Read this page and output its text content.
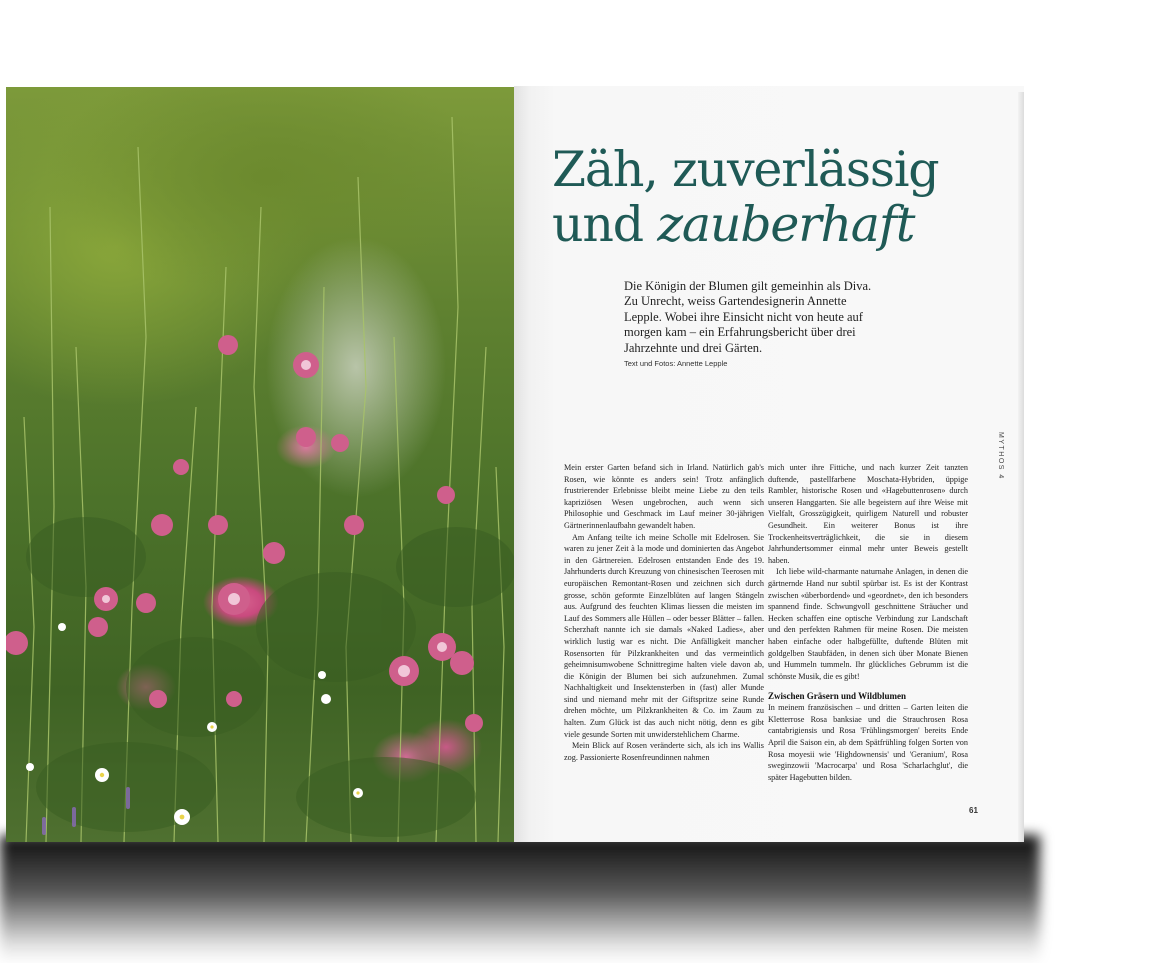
Zäh, zuverlässig
und zauberhaft

Die Königin der Blumen gilt gemeinhin als Diva. Zu Unrecht, weiss Gartendesignerin Annette Lepple. Wobei ihre Einsicht nicht von heute auf morgen kam – ein Erfahrungsbericht über drei Jahrzehnte und drei Gärten.

Text und Fotos: Annette Lepple

Mein erster Garten befand sich in Irland. Natürlich gab's Rosen, wie könnte es anders sein! Trotz anfänglich frustrierender Erlebnisse bleibt meine Liebe zu den teils kapriziösen Wesen ungebrochen, auch wenn sich Philosophie und Geschmack im Lauf meiner 30-jährigen Gärtnerinnenlaufbahn gewandelt haben.

Am Anfang teilte ich meine Scholle mit Edelrosen. Sie waren zu jener Zeit à la mode und dominierten das Angebot in den Gärtnereien. Edelrosen entstanden Ende des 19. Jahrhunderts durch Kreuzung von chinesischen Teerosen mit europäischen Remontant-Rosen und zeichnen sich durch grosse, schön geformte Einzelblüten auf langen Stängeln aus. Aufgrund des feuchten Klimas liessen die meisten im Lauf des Sommers alle Hüllen – oder besser Blätter – fallen. Scherzhaft nannte ich sie damals «Naked Ladies», aber wirklich lustig war es nicht. Die Anfälligkeit mancher Rosensorten für Pilzkrankheiten und das vermeintlich geheimnisumwobene Schnittregime halten viele davon ab, die Königin der Blumen bei sich aufzunehmen. Zumal Nachhaltigkeit und Insektensterben in (fast) aller Munde sind und niemand mehr mit der Giftspritze seine Runde drehen möchte, um Pilzkrankheiten & Co. im Zaum zu halten. Zum Glück ist das auch nicht nötig, denn es gibt viele gesunde Sorten mit unwiderstehlichem Charme.

Mein Blick auf Rosen veränderte sich, als ich ins Wallis zog. Passionierte Rosenfreundinnen nahmen

mich unter ihre Fittiche, und nach kurzer Zeit tanzten duftende, pastellfarbene Moschata-Hybriden, üppige Rambler, historische Rosen und «Hagebuttenrosen» durch unseren Hanggarten. Sie alle begeistern auf ihre Weise mit Vielfalt, Grosszügigkeit, quirligem Naturell und robuster Gesundheit. Ein weiterer Bonus ist ihre Trockenheitsverträglichkeit, die sie in diesem Jahrhundertsommer einmal mehr unter Beweis gestellt haben.

Ich liebe wild-charmante naturnahe Anlagen, in denen die gärtnernde Hand nur subtil spürbar ist. Es ist der Kontrast zwischen «überbordend» und «geordnet», den ich besonders spannend finde. Schwungvoll geschnittene Sträucher und Hecken schaffen eine optische Verbindung zur Landschaft und den perfekten Rahmen für meine Rosen. Die meisten haben einfache oder halbgefüllte, duftende Blüten mit goldgelben Staubfäden, in denen sich über Monate Bienen und Hummeln tummeln. Ihr glückliches Gebrumm ist die schönste Musik, die es gibt!

Zwischen Gräsern und Wildblumen

In meinem französischen – und dritten – Garten leiten die Kletterrose Rosa banksiae und die Strauchrosen Rosa cantabrigiensis und Rosa 'Frühlingsmorgen' bereits Ende April die Saison ein, ab dem Spätfrühling folgen Sorten von Rosa moyesii wie 'Highdownensis' und 'Geranium', Rosa sweginzowii 'Macrocarpa' und Rosa 'Scharlachglut', die später Hagebutten bilden.

MYTHOS 4
61
